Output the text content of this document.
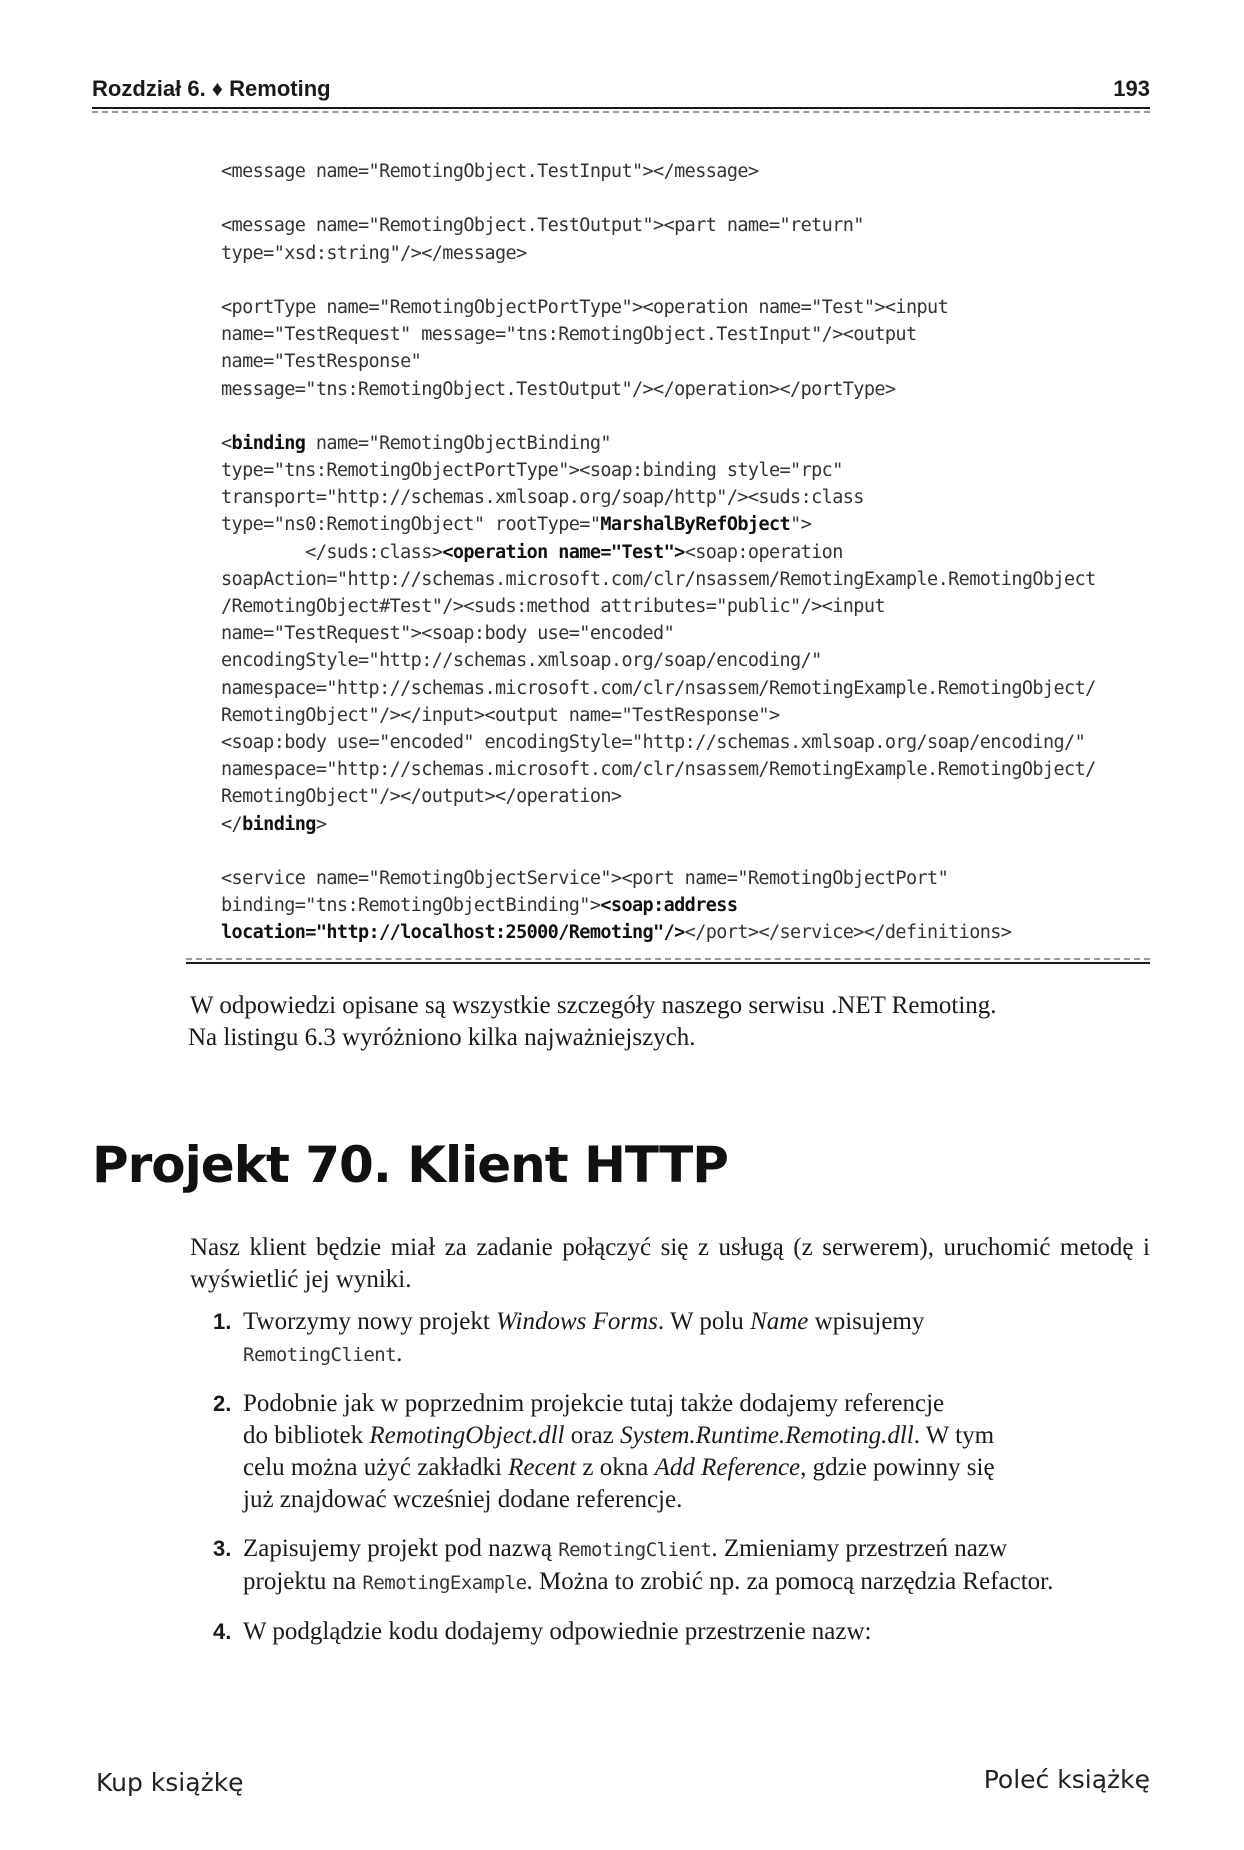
Rozdział 6. ♦ Remoting	193
<message name="RemotingObject.TestInput"></message>
<message name="RemotingObject.TestOutput"><part name="return"
type="xsd:string"/></message>
<portType name="RemotingObjectPortType"><operation name="Test"><input
name="TestRequest" message="tns:RemotingObject.TestInput"/><output
name="TestResponse"
message="tns:RemotingObject.TestOutput"/></operation></portType>
<binding name="RemotingObjectBinding"
type="tns:RemotingObjectPortType"><soap:binding style="rpc"
transport="http://schemas.xmlsoap.org/soap/http"/><suds:class
type="ns0:RemotingObject" rootType="MarshalByRefObject">
</suds:class><operation name="Test"><soap:operation
soapAction="http://schemas.microsoft.com/clr/nsassem/RemotingExample.RemotingObject
/RemotingObject#Test"/><suds:method attributes="public"/><input
name="TestRequest"><soap:body use="encoded"
encodingStyle="http://schemas.xmlsoap.org/soap/encoding/"
namespace="http://schemas.microsoft.com/clr/nsassem/RemotingExample.RemotingObject/
RemotingObject"/></input><output name="TestResponse">
<soap:body use="encoded" encodingStyle="http://schemas.xmlsoap.org/soap/encoding/"
namespace="http://schemas.microsoft.com/clr/nsassem/RemotingExample.RemotingObject/
RemotingObject"/></output></operation>
</binding>
<service name="RemotingObjectService"><port name="RemotingObjectPort"
binding="tns:RemotingObjectBinding"><soap:address
location="http://localhost:25000/Remoting"/></port></service></definitions>
W odpowiedzi opisane są wszystkie szczegóły naszego serwisu .NET Remoting.

Na listingu 6.3 wyróżniono kilka najważniejszych.
Projekt 70. Klient HTTP
Nasz klient będzie miał za zadanie połączyć się z usługą (z serwerem), uruchomić metodę i wyświetlić jej wyniki.
1. Tworzymy nowy projekt Windows Forms. W polu Name wpisujemy
RemotingClient.
2. Podobnie jak w poprzednim projekcie tutaj także dodajemy referencje
do bibliotek RemotingObject.dll oraz System.Runtime.Remoting.dll. W tym
celu można użyć zakładki Recent z okna Add Reference, gdzie powinny się
już znajdować wcześniej dodane referencje.
3. Zapisujemy projekt pod nazwą RemotingClient. Zmieniamy przestrzeń nazw
projektu na RemotingExample. Można to zrobić np. za pomocą narzędzia Refactor.
4. W podglądzie kodu dodajemy odpowiednie przestrzenie nazw:
Kup książkę	Poleć książkę
